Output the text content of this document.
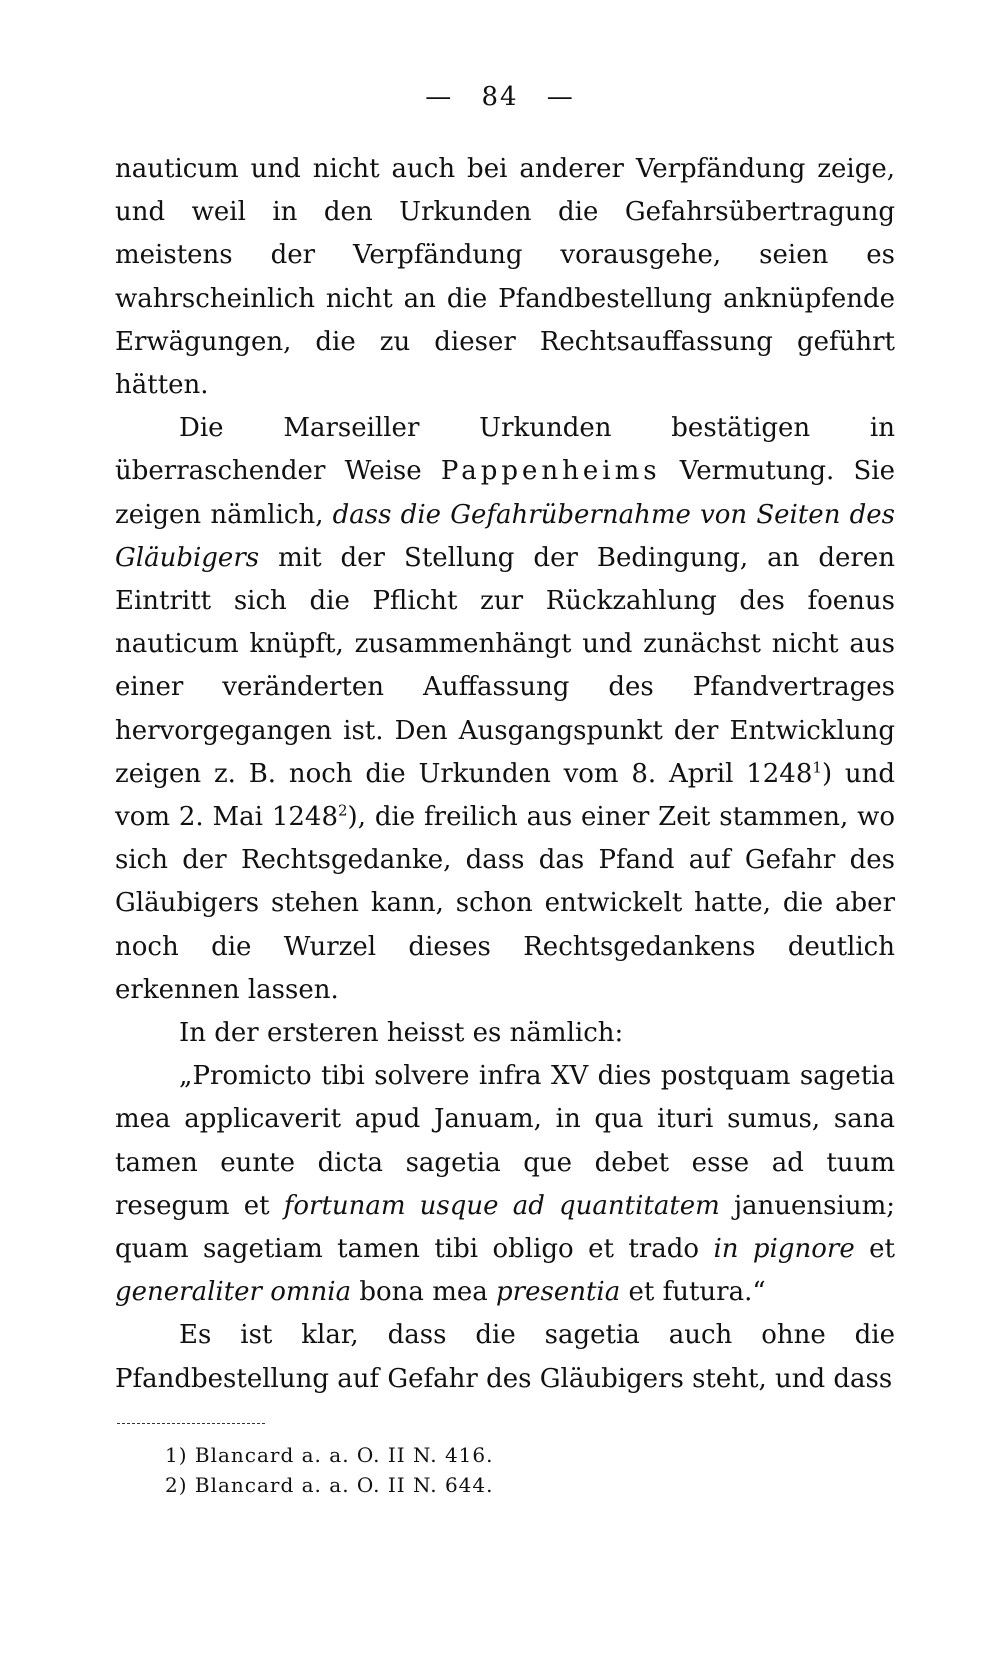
— 84 —

nauticum und nicht auch bei anderer Verpfändung zeige, und weil in den Urkunden die Gefahrsübertragung meistens der Verpfändung vorausgehe, seien es wahrscheinlich nicht an die Pfandbestellung anknüpfende Erwägungen, die zu dieser Rechtsauffassung geführt hätten.

Die Marseiller Urkunden bestätigen in überraschender Weise Pappenheims Vermutung. Sie zeigen nämlich, dass die Gefahrübernahme von Seiten des Gläubigers mit der Stellung der Bedingung, an deren Eintritt sich die Pflicht zur Rückzahlung des foenus nauticum knüpft, zusammenhängt und zunächst nicht aus einer veränderten Auffassung des Pfandvertrages hervorgegangen ist. Den Ausgangspunkt der Entwicklung zeigen z. B. noch die Urkunden vom 8. April 1248$^1$) und vom 2. Mai 1248$^2$), die freilich aus einer Zeit stammen, wo sich der Rechtsgedanke, dass das Pfand auf Gefahr des Gläubigers stehen kann, schon entwickelt hatte, die aber noch die Wurzel dieses Rechtsgedankens deutlich erkennen lassen.

In der ersteren heisst es nämlich:

„Promicto tibi solvere infra XV dies postquam sagetia mea applicaverit apud Januam, in qua ituri sumus, sana tamen eunte dicta sagetia que debet esse ad tuum resegum et fortunam usque ad quantitatem januensium; quam sagetiam tamen tibi obligo et trado in pignore et generaliter omnia bona mea presentia et futura.“

Es ist klar, dass die sagetia auch ohne die Pfandbestellung auf Gefahr des Gläubigers steht, und dass

1) Blancard a. a. O. II N. 416.
2) Blancard a. a. O. II N. 644.
